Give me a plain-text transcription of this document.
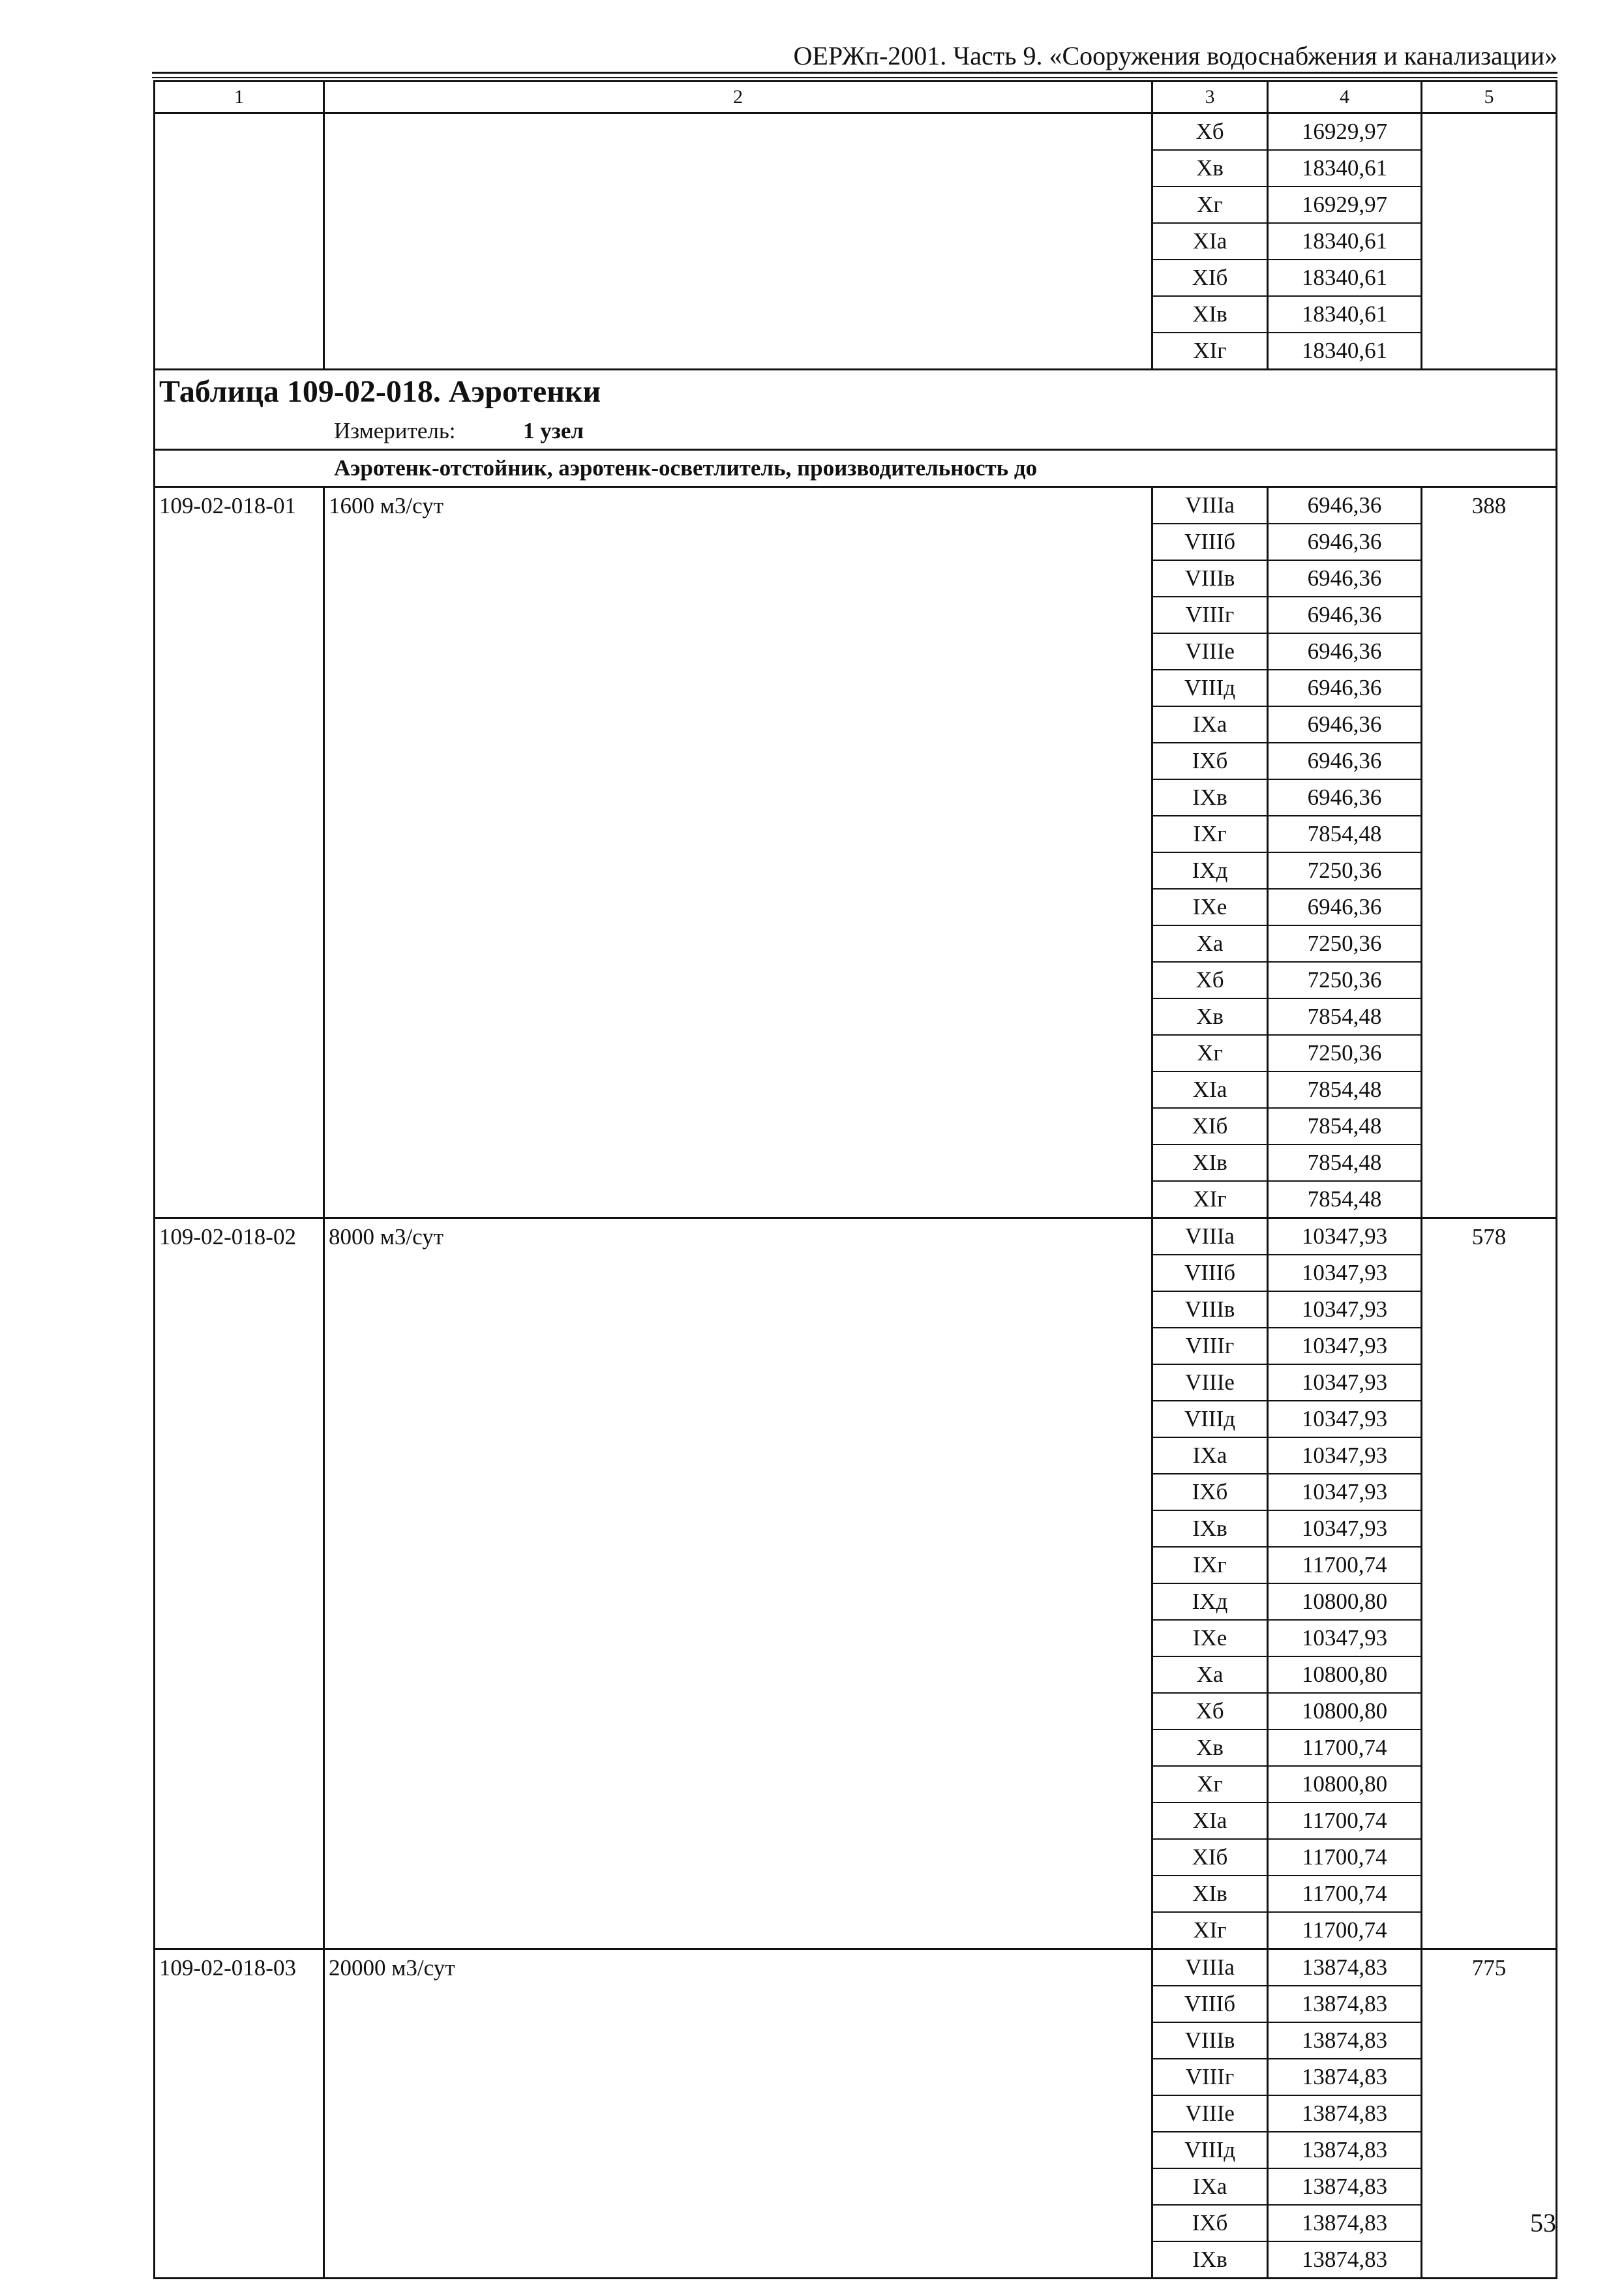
ОЕРЖп-2001. Часть 9. «Сооружения водоснабжения и канализации»
1	2	3	4	5
		Xб	16929,97	
		Xв	18340,61	
		Xг	16929,97	
		XIа	18340,61	
		XIб	18340,61	
		XIв	18340,61	
		XIг	18340,61	
Таблица 109-02-018. Аэротенки				
Измеритель: 1 узел				
Аэротенк-отстойник, аэротенк-осветлитель, производительность до				
109-02-018-01	1600 м3/сут	VIIIа	6946,36	388
		VIIIб	6946,36	
		VIIIв	6946,36	
		VIIIг	6946,36	
		VIIIе	6946,36	
		VIIIд	6946,36	
		IXа	6946,36	
		IXб	6946,36	
		IXв	6946,36	
		IXг	7854,48	
		IXд	7250,36	
		IXе	6946,36	
		Xа	7250,36	
		Xб	7250,36	
		Xв	7854,48	
		Xг	7250,36	
		XIа	7854,48	
		XIб	7854,48	
		XIв	7854,48	
		XIг	7854,48	
109-02-018-02	8000 м3/сут	VIIIа	10347,93	578
		VIIIб	10347,93	
		VIIIв	10347,93	
		VIIIг	10347,93	
		VIIIе	10347,93	
		VIIIд	10347,93	
		IXа	10347,93	
		IXб	10347,93	
		IXв	10347,93	
		IXг	11700,74	
		IXд	10800,80	
		IXе	10347,93	
		Xа	10800,80	
		Xб	10800,80	
		Xв	11700,74	
		Xг	10800,80	
		XIа	11700,74	
		XIб	11700,74	
		XIв	11700,74	
		XIг	11700,74	
109-02-018-03	20000 м3/сут	VIIIа	13874,83	775
		VIIIб	13874,83	
		VIIIв	13874,83	
		VIIIг	13874,83	
		VIIIе	13874,83	
		VIIIд	13874,83	
		IXа	13874,83	
		IXб	13874,83	
		IXв	13874,83	
53
